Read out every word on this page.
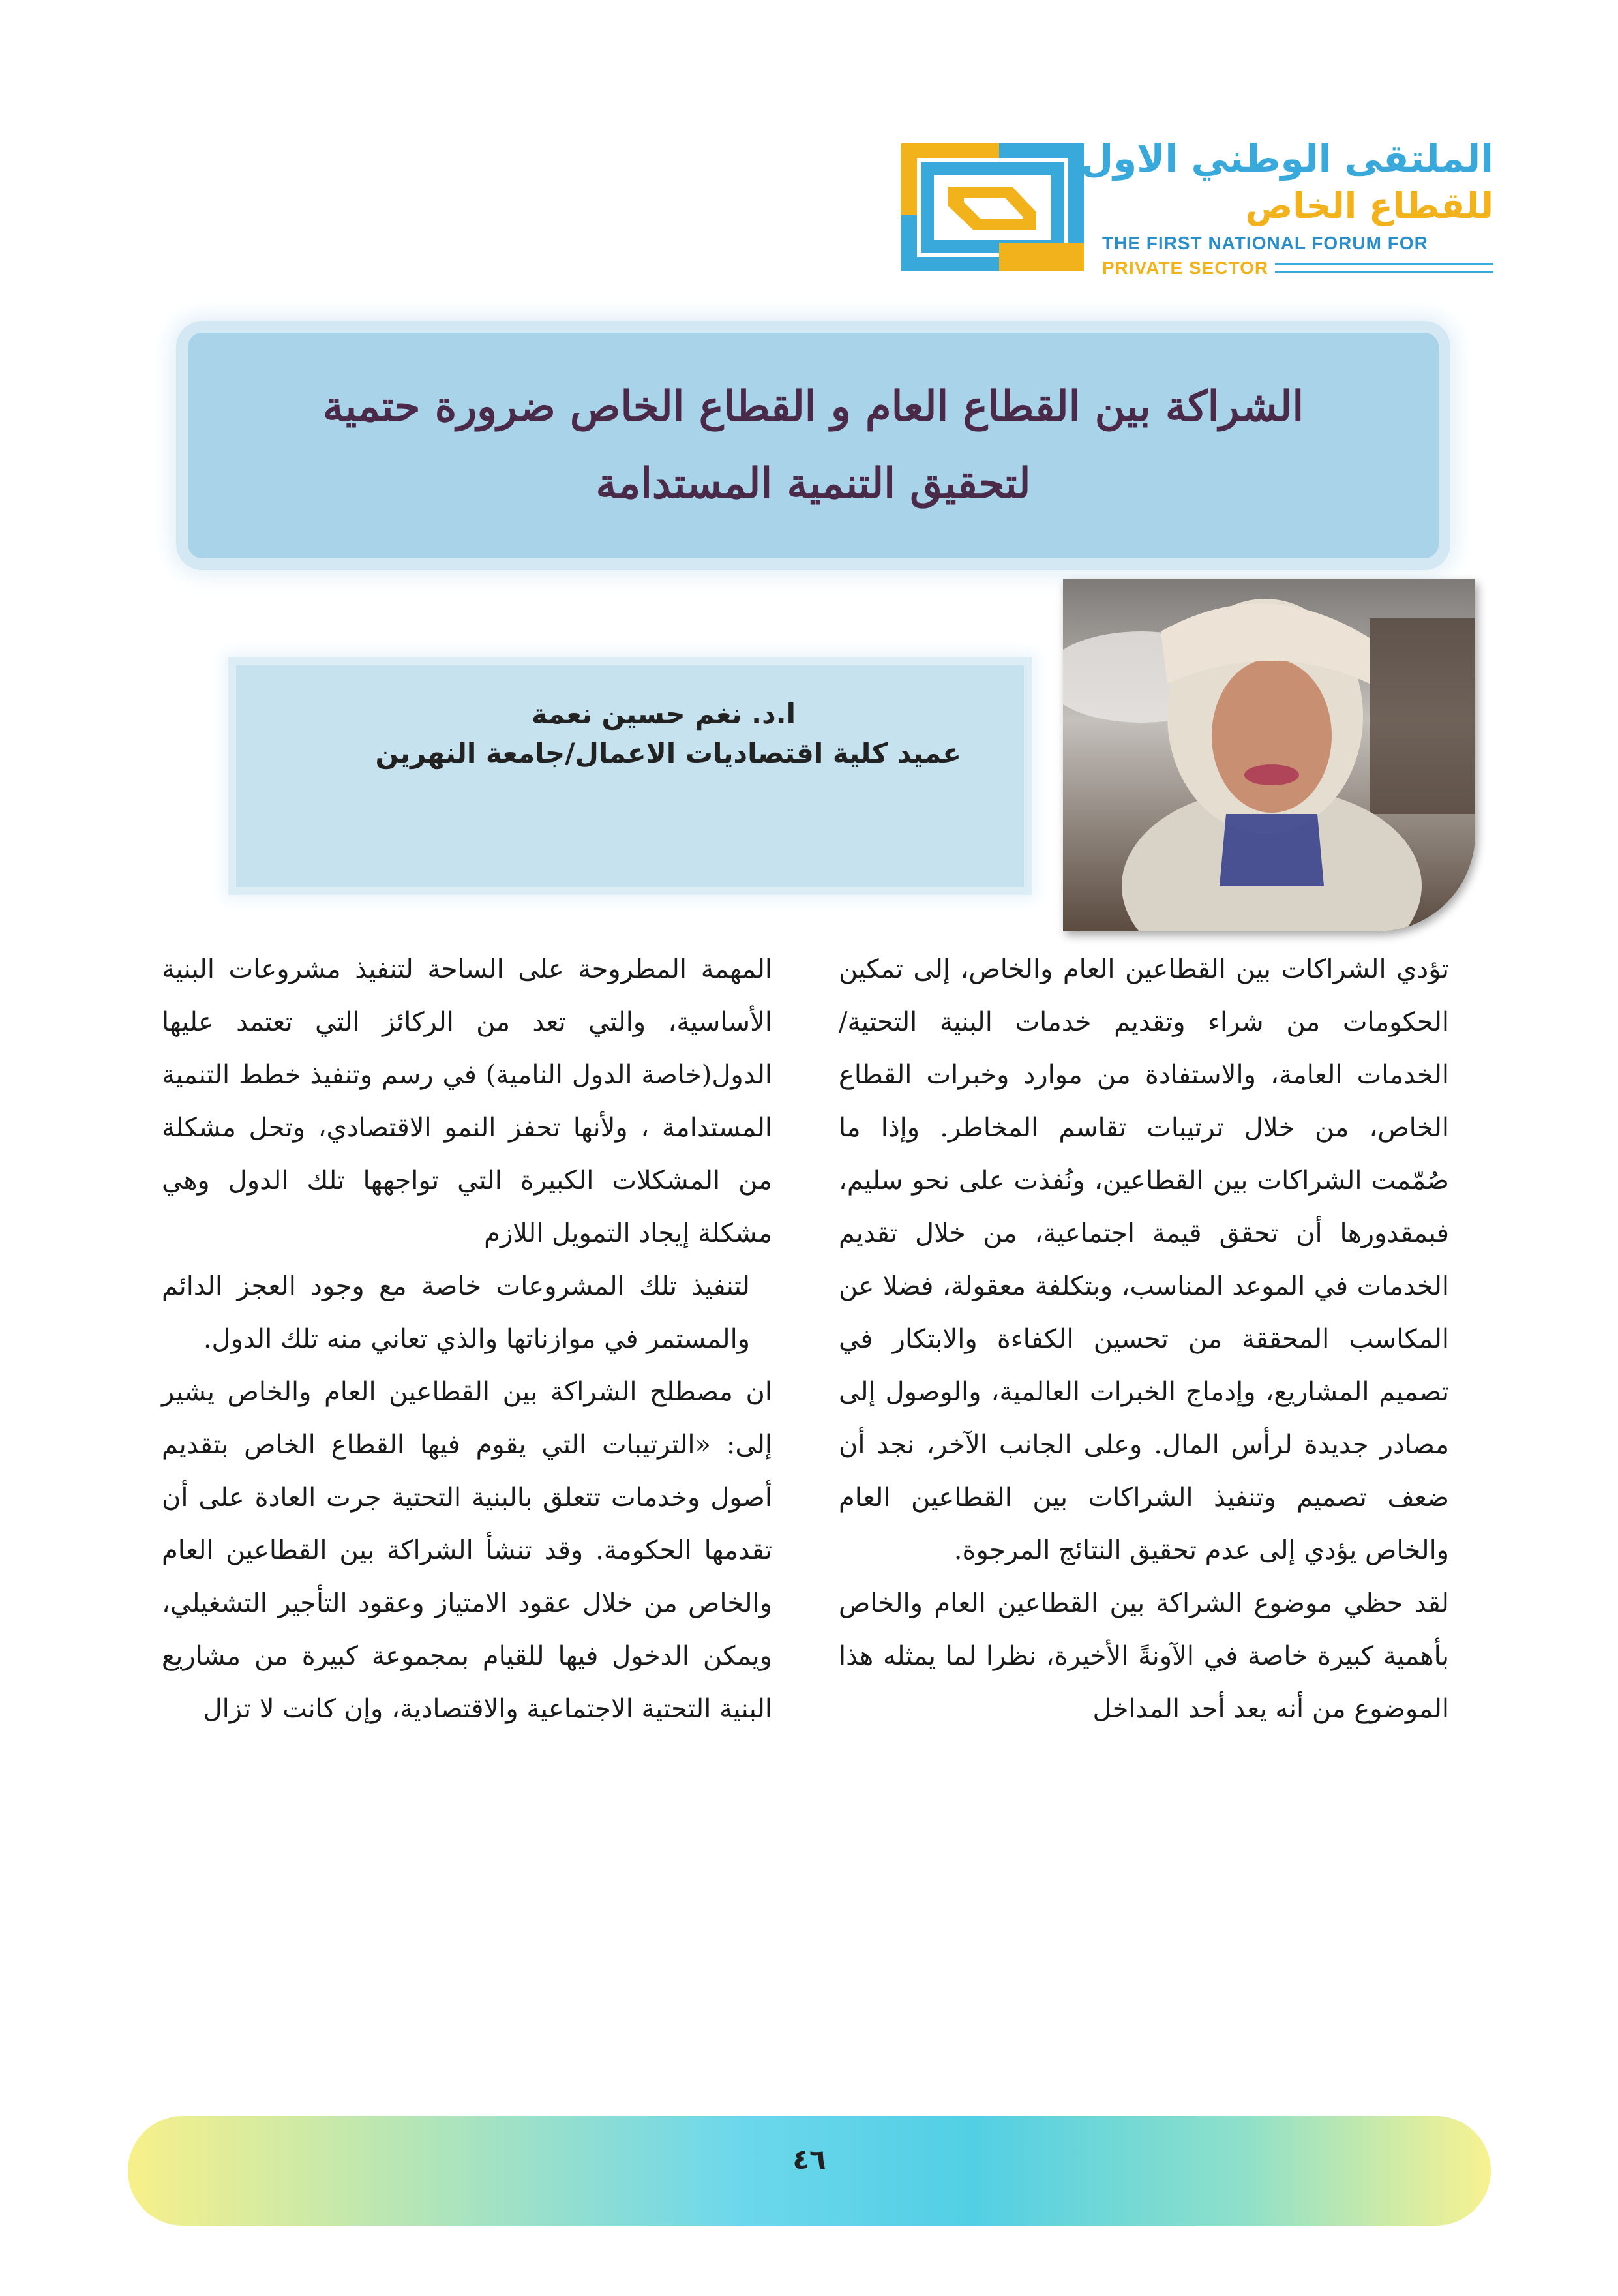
الملتقى الوطني الاول
للقطاع الخاص
THE FIRST NATIONAL FORUM FOR
PRIVATE SECTOR
الشراكة بين القطاع العام و القطاع الخاص ضرورة حتمية
لتحقيق التنمية المستدامة
ا.د. نغم حسين نعمة
عميد كلية اقتصاديات الاعمال/جامعة النهرين

تؤدي الشراكات بين القطاعين العام والخاص، إلى تمكين الحكومات من شراء وتقديم خدمات البنية التحتية/ الخدمات العامة، والاستفادة من موارد وخبرات القطاع الخاص، من خلال ترتيبات تقاسم المخاطر. وإذا ما صُمّمت الشراكات بين القطاعين، ونُفذت على نحو سليم، فبمقدورها أن تحقق قيمة اجتماعية، من خلال تقديم الخدمات في الموعد المناسب، وبتكلفة معقولة، فضلا عن المكاسب المحققة من تحسين الكفاءة والابتكار في تصميم المشاريع، وإدماج الخبرات العالمية، والوصول إلى مصادر جديدة لرأس المال. وعلى الجانب الآخر، نجد أن ضعف تصميم وتنفيذ الشراكات بين القطاعين العام والخاص يؤدي إلى عدم تحقيق النتائج المرجوة.

لقد حظي موضوع الشراكة بين القطاعين العام والخاص بأهمية كبيرة خاصة في الآونةً الأخيرة، نظرا لما يمثله هذا الموضوع من أنه يعد أحد المداخل

المهمة المطروحة على الساحة لتنفيذ مشروعات البنية الأساسية، والتي تعد من الركائز التي تعتمد عليها الدول(خاصة الدول النامية) في رسم وتنفيذ خطط التنمية المستدامة ، ولأنها تحفز النمو الاقتصادي، وتحل مشكلة من المشكلات الكبيرة التي تواجهها تلك الدول وهي مشكلة إيجاد التمويل اللازم

لتنفيذ تلك المشروعات خاصة مع وجود العجز الدائم والمستمر في موازناتها والذي تعاني منه تلك الدول.

ان مصطلح الشراكة بين القطاعين العام والخاص يشير إلى: «الترتيبات التي يقوم فيها القطاع الخاص بتقديم أصول وخدمات تتعلق بالبنية التحتية جرت العادة على أن تقدمها الحكومة. وقد تنشأ الشراكة بين القطاعين العام والخاص من خلال عقود الامتياز وعقود التأجير التشغيلي، ويمكن الدخول فيها للقيام بمجموعة كبيرة من مشاريع البنية التحتية الاجتماعية والاقتصادية، وإن كانت لا تزال

٤٦
